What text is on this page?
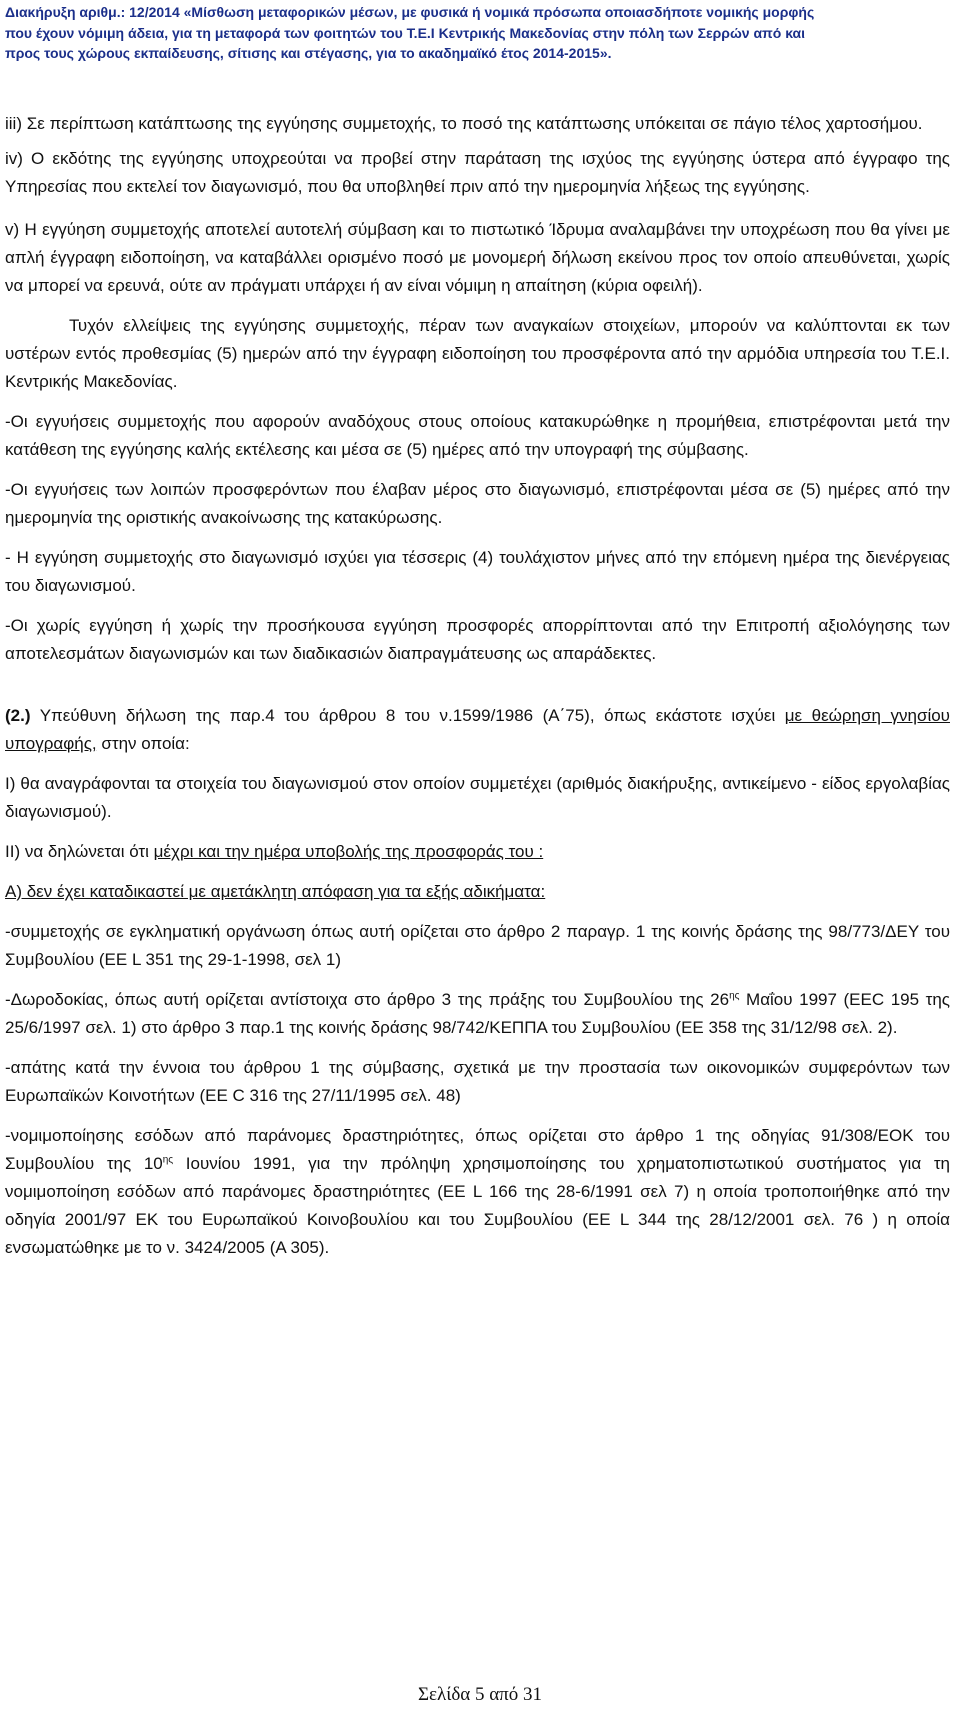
Διακήρυξη αριθμ.: 12/2014 «Μίσθωση μεταφορικών μέσων, με φυσικά ή νομικά πρόσωπα οποιασδήποτε νομικής μορφής

που έχουν νόμιμη άδεια, για τη μεταφορά των φοιτητών του Τ.Ε.Ι Κεντρικής Μακεδονίας στην πόλη των Σερρών από και

προς τους χώρους εκπαίδευσης, σίτισης και στέγασης, για το ακαδημαϊκό έτος 2014-2015».

iii) Σε περίπτωση κατάπτωσης της εγγύησης συμμετοχής, το ποσό της κατάπτωσης υπόκειται σε πάγιο τέλος χαρτοσήμου.

iv) Ο εκδότης της εγγύησης υποχρεούται να προβεί στην παράταση της ισχύος της εγγύησης ύστερα από έγγραφο της Υπηρεσίας που εκτελεί τον διαγωνισμό, που θα υποβληθεί πριν από την ημερομηνία λήξεως της εγγύησης.

v) Η εγγύηση συμμετοχής αποτελεί αυτοτελή σύμβαση και το πιστωτικό Ίδρυμα αναλαμβάνει την υποχρέωση που θα γίνει με απλή έγγραφη ειδοποίηση, να καταβάλλει ορισμένο ποσό με μονομερή δήλωση εκείνου προς τον οποίο απευθύνεται, χωρίς να μπορεί να ερευνά, ούτε αν πράγματι υπάρχει ή αν είναι νόμιμη η απαίτηση (κύρια οφειλή).

Τυχόν ελλείψεις της εγγύησης συμμετοχής, πέραν των αναγκαίων στοιχείων, μπορούν να καλύπτονται εκ των υστέρων εντός προθεσμίας (5) ημερών από την έγγραφη ειδοποίηση του προσφέροντα από την αρμόδια υπηρεσία του Τ.Ε.Ι. Κεντρικής Μακεδονίας.

-Οι εγγυήσεις συμμετοχής που αφορούν αναδόχους στους οποίους κατακυρώθηκε η προμήθεια, επιστρέφονται μετά την κατάθεση της εγγύησης καλής εκτέλεσης και μέσα σε (5) ημέρες από την υπογραφή της σύμβασης.

-Οι εγγυήσεις των λοιπών προσφερόντων που έλαβαν μέρος στο διαγωνισμό, επιστρέφονται μέσα σε (5) ημέρες από την ημερομηνία της οριστικής ανακοίνωσης της κατακύρωσης.

- Η εγγύηση συμμετοχής στο διαγωνισμό ισχύει για τέσσερις (4) τουλάχιστον μήνες από την επόμενη ημέρα της διενέργειας του διαγωνισμού.

-Οι χωρίς εγγύηση ή χωρίς την προσήκουσα εγγύηση προσφορές απορρίπτονται από την Επιτροπή αξιολόγησης των αποτελεσμάτων διαγωνισμών και των διαδικασιών διαπραγμάτευσης ως απαράδεκτες.

(2.) Υπεύθυνη δήλωση της παρ.4 του άρθρου 8 του ν.1599/1986 (Α΄75), όπως εκάστοτε ισχύει με θεώρηση γνησίου υπογραφής, στην οποία:

Ι) θα αναγράφονται τα στοιχεία του διαγωνισμού στον οποίον συμμετέχει (αριθμός διακήρυξης, αντικείμενο - είδος εργολαβίας διαγωνισμού).

ΙΙ) να δηλώνεται ότι μέχρι και την ημέρα υποβολής της προσφοράς του :

Α) δεν έχει καταδικαστεί με αμετάκλητη απόφαση για τα εξής αδικήματα:

-συμμετοχής σε εγκληματική οργάνωση όπως αυτή ορίζεται στο άρθρο 2 παραγρ. 1 της κοινής δράσης της 98/773/ΔΕΥ του Συμβουλίου (ΕΕ L 351 της 29-1-1998, σελ 1)

-Δωροδοκίας, όπως αυτή ορίζεται αντίστοιχα στο άρθρο 3 της πράξης του Συμβουλίου της $26^{\eta\varsigma}$ Μαΐου 1997 (ΕΕC 195 της 25/6/1997 σελ. 1) στο άρθρο 3 παρ.1 της κοινής δράσης 98/742/ΚΕΠΠΑ του Συμβουλίου (ΕΕ 358 της 31/12/98 σελ. 2).

-απάτης κατά την έννοια του άρθρου 1 της σύμβασης, σχετικά με την προστασία των οικονομικών συμφερόντων των Ευρωπαϊκών Κοινοτήτων (ΕΕ C 316 της 27/11/1995 σελ. 48)

-νομιμοποίησης εσόδων από παράνομες δραστηριότητες, όπως ορίζεται στο άρθρο 1 της οδηγίας 91/308/ΕΟΚ του Συμβουλίου της $10^{\eta\varsigma}$ Ιουνίου 1991, για την πρόληψη χρησιμοποίησης του χρηματοπιστωτικού συστήματος για τη νομιμοποίηση εσόδων από παράνομες δραστηριότητες (ΕΕ L 166 της 28-6/1991 σελ 7) η οποία τροποποιήθηκε από την οδηγία 2001/97 ΕΚ του Ευρωπαϊκού Κοινοβουλίου και του Συμβουλίου (ΕΕ L 344 της 28/12/2001 σελ. 76 ) η οποία ενσωματώθηκε με το ν. 3424/2005 (Α 305).

Σελίδα 5 από 31
